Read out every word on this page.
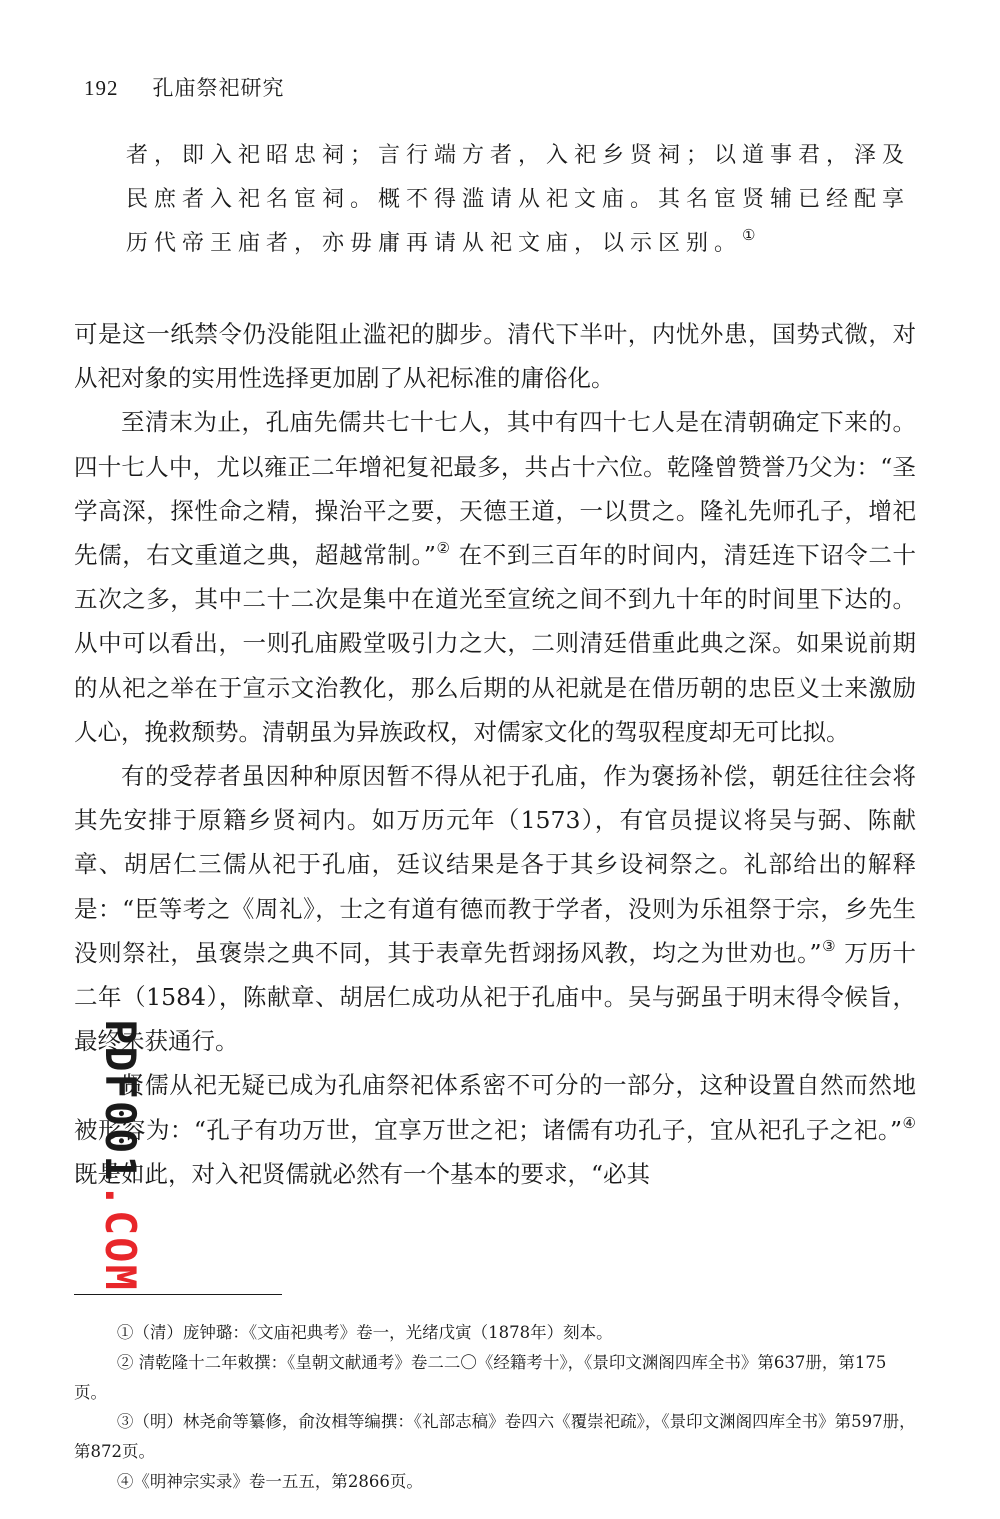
192 孔庙祭祀研究

者，即入祀昭忠祠；言行端方者，入祀乡贤祠；以道事君，泽及民庶者入祀名宦祠。概不得滥请从祀文庙。其名宦贤辅已经配享历代帝王庙者，亦毋庸再请从祀文庙，以示区别。①

可是这一纸禁令仍没能阻止滥祀的脚步。清代下半叶，内忧外患，国势式微，对从祀对象的实用性选择更加剧了从祀标准的庸俗化。

至清末为止，孔庙先儒共七十七人，其中有四十七人是在清朝确定下来的。四十七人中，尤以雍正二年增祀复祀最多，共占十六位。乾隆曾赞誉乃父为：“圣学高深，探性命之精，操治平之要，天德王道，一以贯之。隆礼先师孔子，增祀先儒，右文重道之典，超越常制。”② 在不到三百年的时间内，清廷连下诏令二十五次之多，其中二十二次是集中在道光至宣统之间不到九十年的时间里下达的。从中可以看出，一则孔庙殿堂吸引力之大，二则清廷借重此典之深。如果说前期的从祀之举在于宣示文治教化，那么后期的从祀就是在借历朝的忠臣义士来激励人心，挽救颓势。清朝虽为异族政权，对儒家文化的驾驭程度却无可比拟。

有的受荐者虽因种种原因暂不得从祀于孔庙，作为褒扬补偿，朝廷往往会将其先安排于原籍乡贤祠内。如万历元年（1573），有官员提议将吴与弼、陈献章、胡居仁三儒从祀于孔庙，廷议结果是各于其乡设祠祭之。礼部给出的解释是：“臣等考之《周礼》，士之有道有德而教于学者，没则为乐祖祭于宗，乡先生没则祭社，虽褒崇之典不同，其于表章先哲翊扬风教，均之为世劝也。”③ 万历十二年（1584），陈献章、胡居仁成功从祀于孔庙中。吴与弼虽于明末得令候旨，最终未获通行。

贤儒从祀无疑已成为孔庙祭祀体系密不可分的一部分，这种设置自然而然地被形容为：“孔子有功万世，宜享万世之祀；诸儒有功孔子，宜从祀孔子之祀。”④ 既是如此，对入祀贤儒就必然有一个基本的要求，“必其

①（清）庞钟璐：《文庙祀典考》卷一，光绪戊寅（1878年）刻本。

② 清乾隆十二年敕撰：《皇朝文献通考》卷二二〇《经籍考十》，《景印文渊阁四库全书》第637册，第175页。

③（明）林尧俞等纂修，俞汝楫等编撰：《礼部志稿》卷四六《覆崇祀疏》，《景印文渊阁四库全书》第597册，第872页。

④《明神宗实录》卷一五五，第2866页。

PDF001.COM
